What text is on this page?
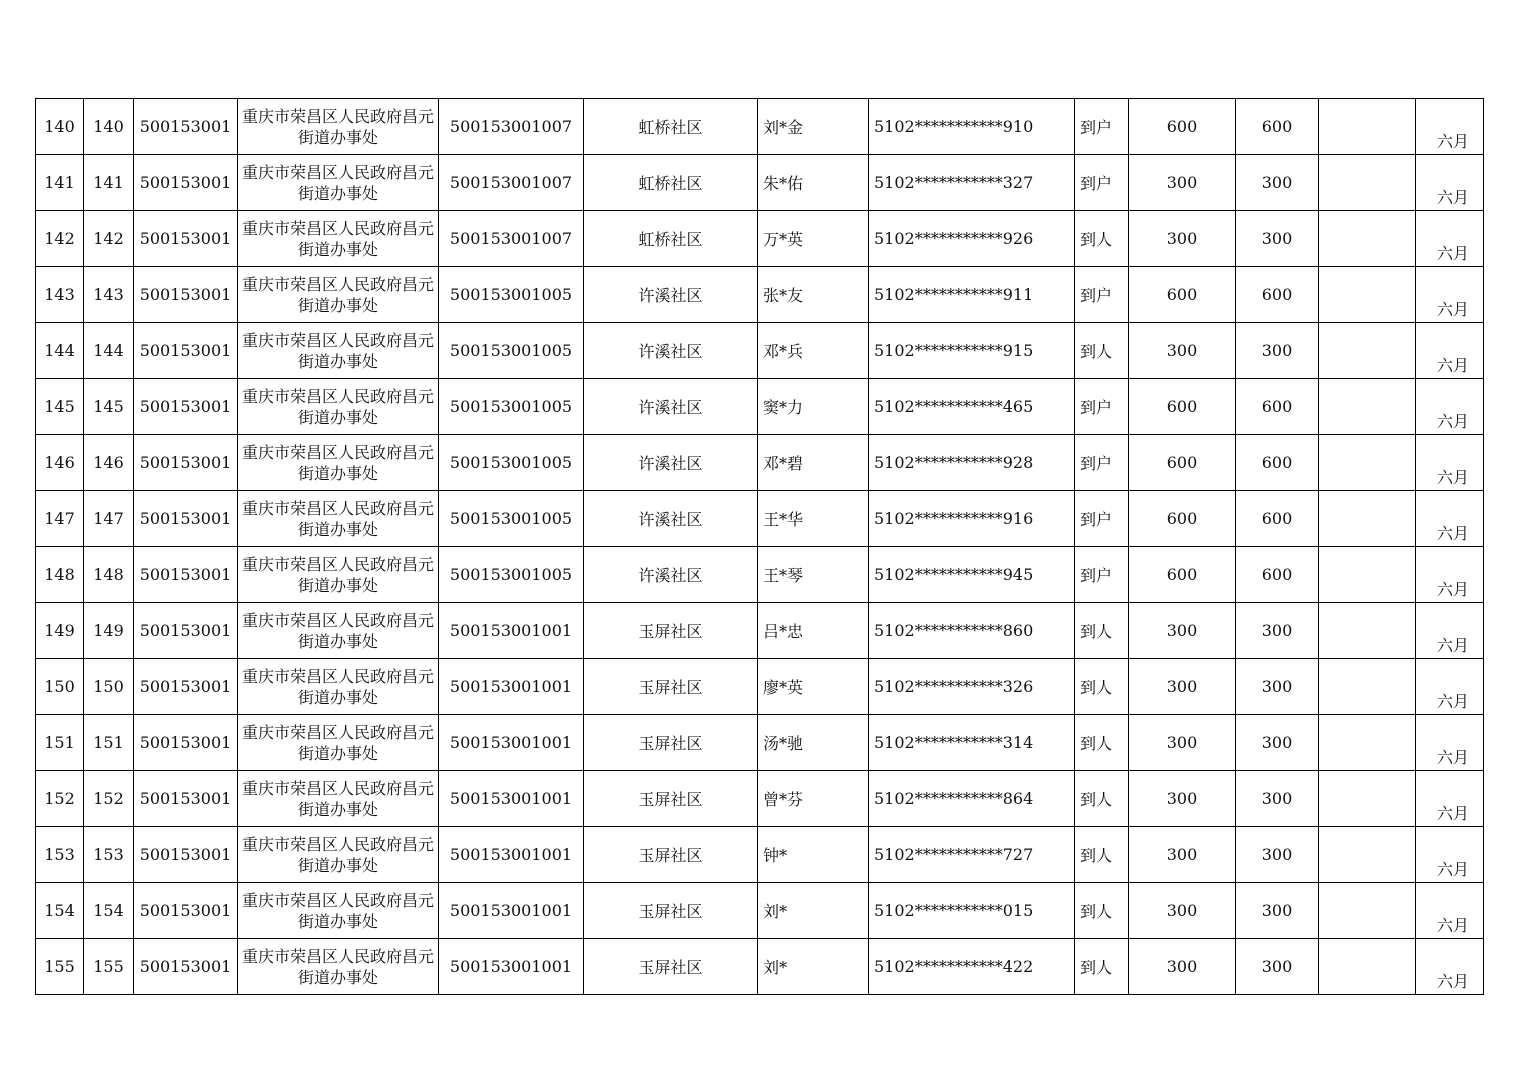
140	140	500153001	重庆市荣昌区人民政府昌元街道办事处	500153001007	虹桥社区	刘*金	5102***********910	到户	600	600		六月
141	141	500153001	重庆市荣昌区人民政府昌元街道办事处	500153001007	虹桥社区	朱*佑	5102***********327	到户	300	300		六月
142	142	500153001	重庆市荣昌区人民政府昌元街道办事处	500153001007	虹桥社区	万*英	5102***********926	到人	300	300		六月
143	143	500153001	重庆市荣昌区人民政府昌元街道办事处	500153001005	许溪社区	张*友	5102***********911	到户	600	600		六月
144	144	500153001	重庆市荣昌区人民政府昌元街道办事处	500153001005	许溪社区	邓*兵	5102***********915	到人	300	300		六月
145	145	500153001	重庆市荣昌区人民政府昌元街道办事处	500153001005	许溪社区	窦*力	5102***********465	到户	600	600		六月
146	146	500153001	重庆市荣昌区人民政府昌元街道办事处	500153001005	许溪社区	邓*碧	5102***********928	到户	600	600		六月
147	147	500153001	重庆市荣昌区人民政府昌元街道办事处	500153001005	许溪社区	王*华	5102***********916	到户	600	600		六月
148	148	500153001	重庆市荣昌区人民政府昌元街道办事处	500153001005	许溪社区	王*琴	5102***********945	到户	600	600		六月
149	149	500153001	重庆市荣昌区人民政府昌元街道办事处	500153001001	玉屏社区	吕*忠	5102***********860	到人	300	300		六月
150	150	500153001	重庆市荣昌区人民政府昌元街道办事处	500153001001	玉屏社区	廖*英	5102***********326	到人	300	300		六月
151	151	500153001	重庆市荣昌区人民政府昌元街道办事处	500153001001	玉屏社区	汤*驰	5102***********314	到人	300	300		六月
152	152	500153001	重庆市荣昌区人民政府昌元街道办事处	500153001001	玉屏社区	曾*芬	5102***********864	到人	300	300		六月
153	153	500153001	重庆市荣昌区人民政府昌元街道办事处	500153001001	玉屏社区	钟*	5102***********727	到人	300	300		六月
154	154	500153001	重庆市荣昌区人民政府昌元街道办事处	500153001001	玉屏社区	刘*	5102***********015	到人	300	300		六月
155	155	500153001	重庆市荣昌区人民政府昌元街道办事处	500153001001	玉屏社区	刘*	5102***********422	到人	300	300		六月
